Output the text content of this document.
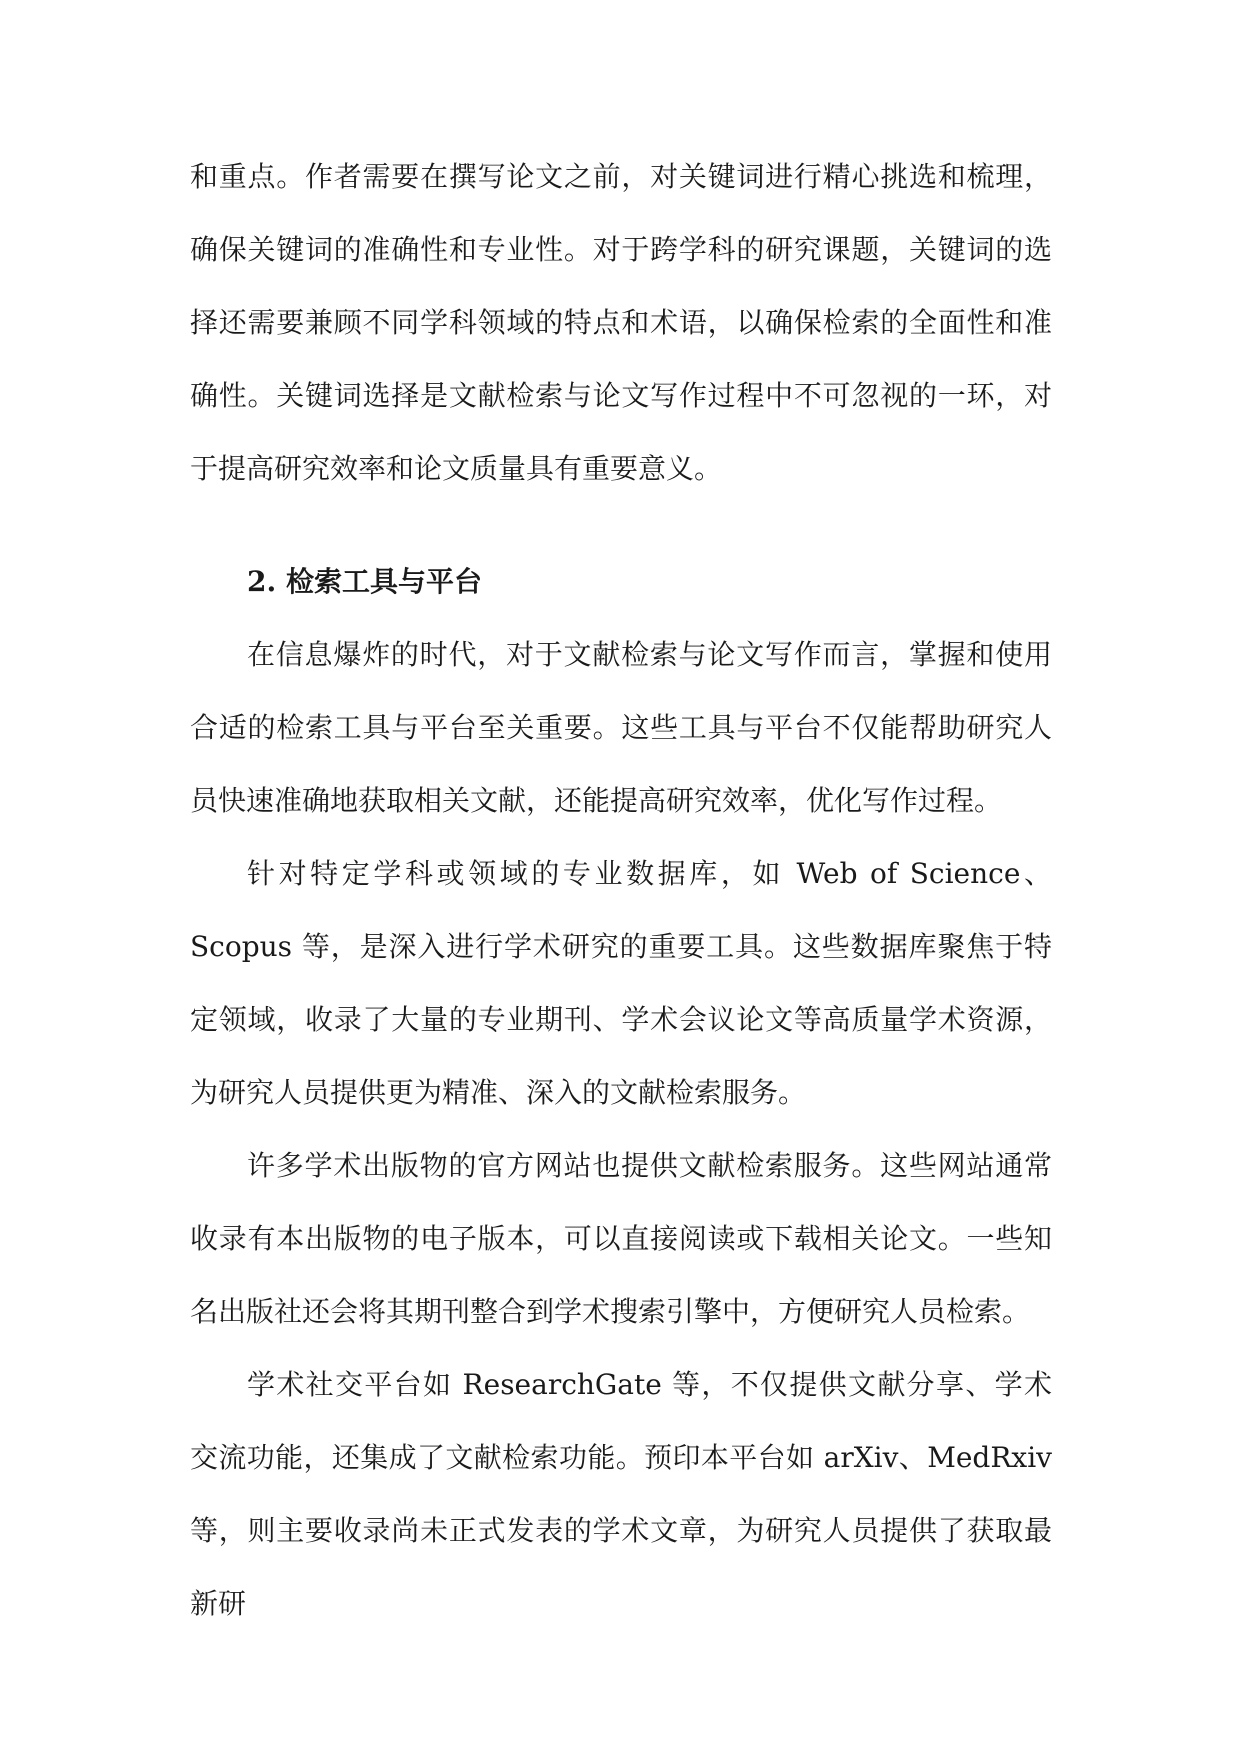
和重点。作者需要在撰写论文之前，对关键词进行精心挑选和梳理，确保关键词的准确性和专业性。对于跨学科的研究课题，关键词的选择还需要兼顾不同学科领域的特点和术语，以确保检索的全面性和准确性。关键词选择是文献检索与论文写作过程中不可忽视的一环，对于提高研究效率和论文质量具有重要意义。

2. 检索工具与平台

在信息爆炸的时代，对于文献检索与论文写作而言，掌握和使用合适的检索工具与平台至关重要。这些工具与平台不仅能帮助研究人员快速准确地获取相关文献，还能提高研究效率，优化写作过程。

针对特定学科或领域的专业数据库，如 Web of Science、Scopus 等，是深入进行学术研究的重要工具。这些数据库聚焦于特定领域，收录了大量的专业期刊、学术会议论文等高质量学术资源，为研究人员提供更为精准、深入的文献检索服务。

许多学术出版物的官方网站也提供文献检索服务。这些网站通常收录有本出版物的电子版本，可以直接阅读或下载相关论文。一些知名出版社还会将其期刊整合到学术搜索引擎中，方便研究人员检索。

学术社交平台如 ResearchGate 等，不仅提供文献分享、学术交流功能，还集成了文献检索功能。预印本平台如 arXiv、MedRxiv 等，则主要收录尚未正式发表的学术文章，为研究人员提供了获取最新研
